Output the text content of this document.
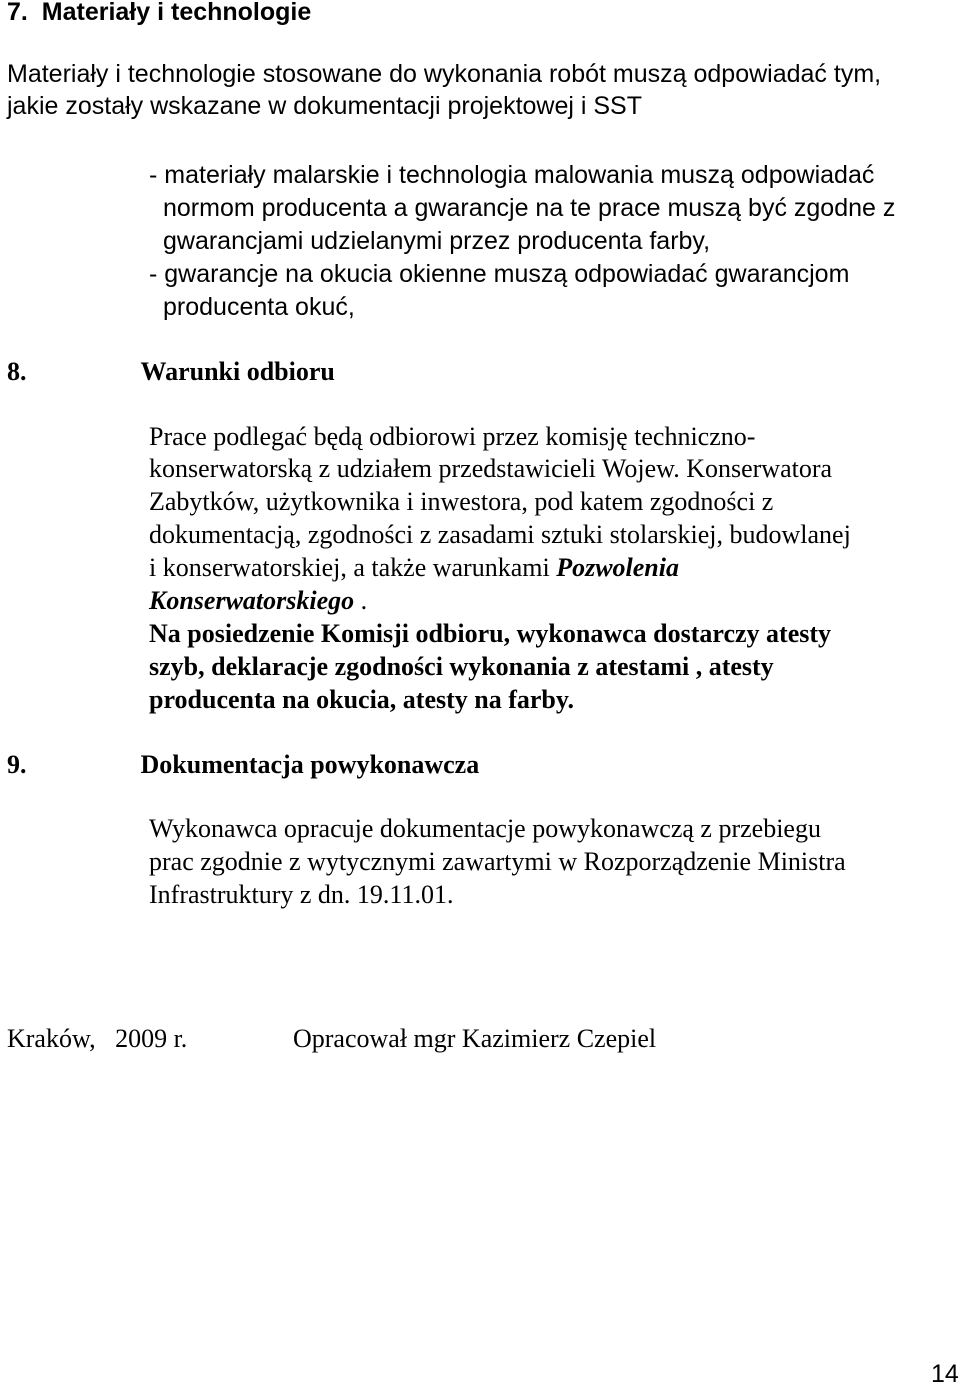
7. Materiały i technologie
Materiały i technologie stosowane do wykonania robót muszą odpowiadać tym,
jakie zostały wskazane w dokumentacji projektowej i SST
- materiały malarskie i technologia malowania muszą odpowiadać
normom producenta a gwarancje na te prace muszą być zgodne z
gwarancjami udzielanymi przez producenta farby,
- gwarancje na okucia okienne muszą odpowiadać gwarancjom
producenta okuć,
8.	Warunki odbioru
Prace podlegać będą odbiorowi przez komisję techniczno-
konserwatorską z udziałem przedstawicieli Wojew. Konserwatora
Zabytków, użytkownika i inwestora, pod katem zgodności z
dokumentacją, zgodności z zasadami sztuki stolarskiej, budowlanej
i konserwatorskiej, a także warunkami Pozwolenia
Konserwatorskiego .
Na posiedzenie Komisji odbioru, wykonawca dostarczy atesty
szyb, deklaracje zgodności wykonania z atestami , atesty
producenta na okucia, atesty na farby.
9.	Dokumentacja powykonawcza
Wykonawca opracuje dokumentacje powykonawczą z przebiegu
prac zgodnie z wytycznymi zawartymi w Rozporządzenie Ministra
Infrastruktury z dn. 19.11.01.
Kraków,   2009 r.	Opracował mgr Kazimierz Czepiel
14
